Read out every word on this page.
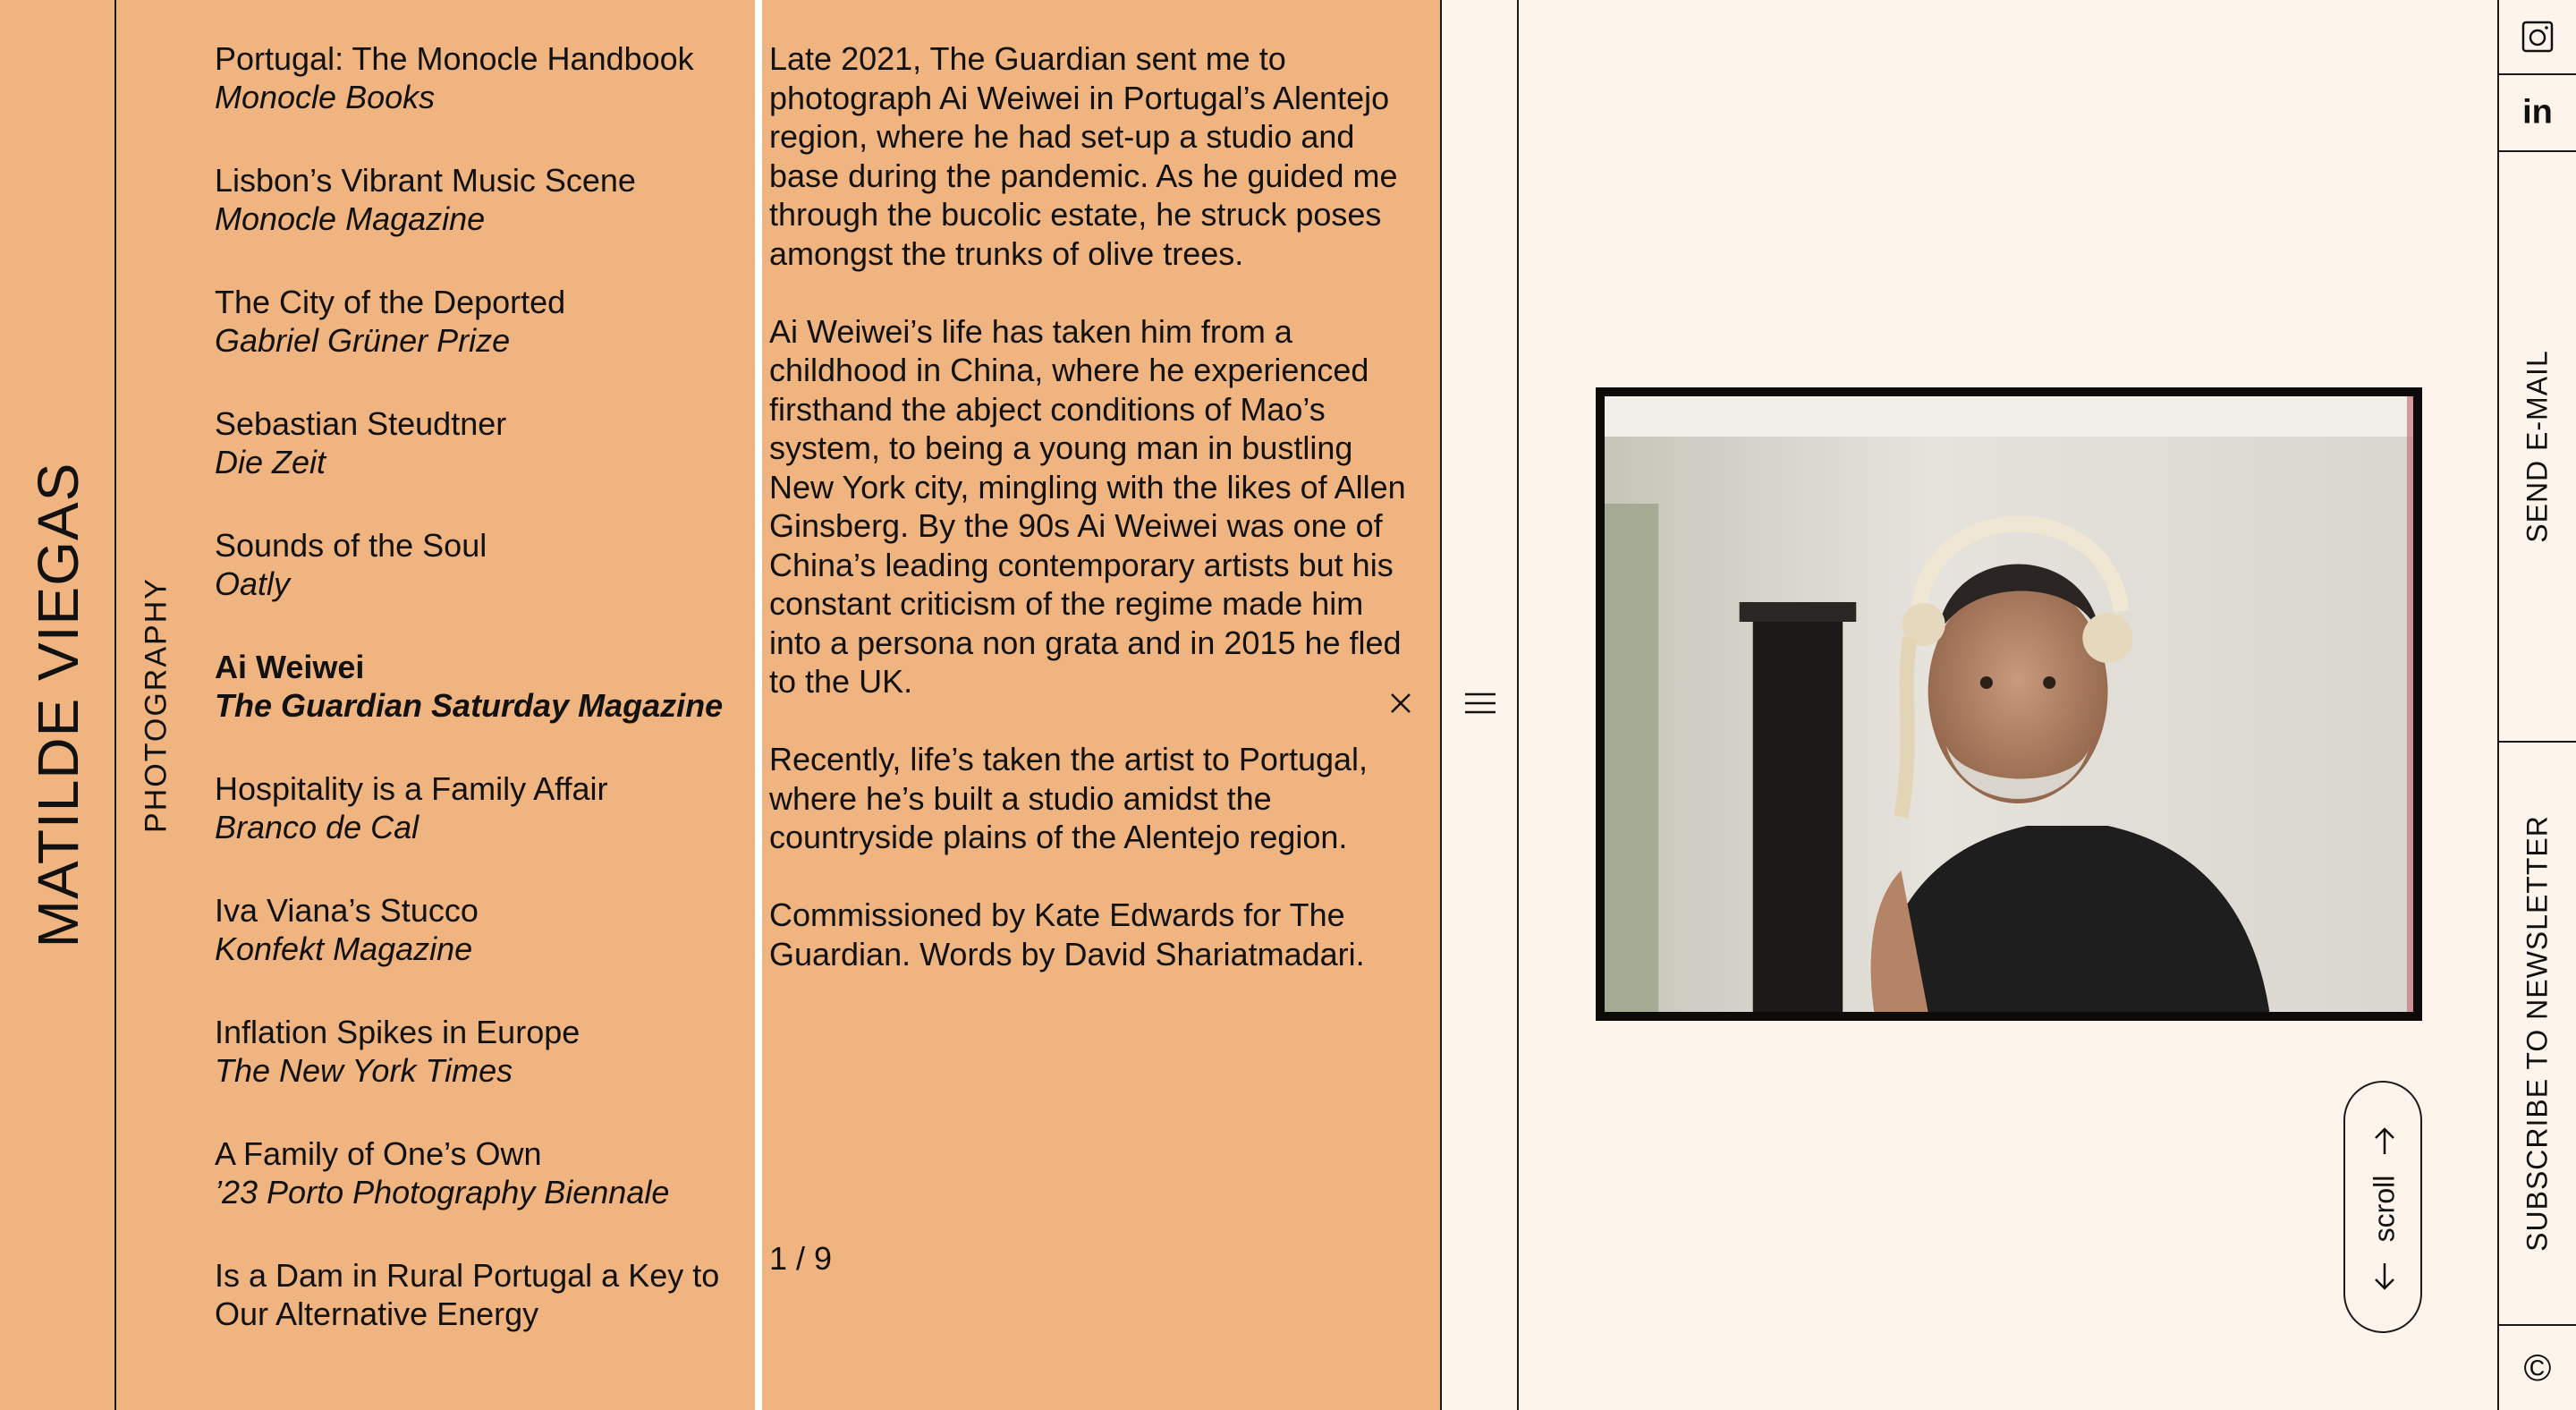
MATILDE VIEGAS PHOTOGRAPHY
Portugal: The Monocle Handbook
Monocle Books
Lisbon’s Vibrant Music Scene
Monocle Magazine
The City of the Deported
Gabriel Grüner Prize
Sebastian Steudtner
Die Zeit
Sounds of the Soul
Oatly
Ai Weiwei
The Guardian Saturday Magazine
Hospitality is a Family Affair
Branco de Cal
Iva Viana’s Stucco
Konfekt Magazine
Inflation Spikes in Europe
The New York Times
A Family of One’s Own
’23 Porto Photography Biennale
Is a Dam in Rural Portugal a Key to Our Alternative Energy

Late 2021, The Guardian sent me to photograph Ai Weiwei in Portugal’s Alentejo region, where he had set-up a studio and base during the pandemic. As he guided me through the bucolic estate, he struck poses amongst the trunks of olive trees.

Ai Weiwei’s life has taken him from a childhood in China, where he experienced firsthand the abject conditions of Mao’s system, to being a young man in bustling New York city, mingling with the likes of Allen Ginsberg. By the 90s Ai Weiwei was one of China’s leading contemporary artists but his constant criticism of the regime made him into a persona non grata and in 2015 he fled to the UK.

Recently, life’s taken the artist to Portugal, where he’s built a studio amidst the countryside plains of the Alentejo region.

Commissioned by Kate Edwards for The Guardian. Words by David Shariatmadari.

1 / 9
scroll
in
SEND E-MAIL
SUBSCRIBE TO NEWSLETTER
©
